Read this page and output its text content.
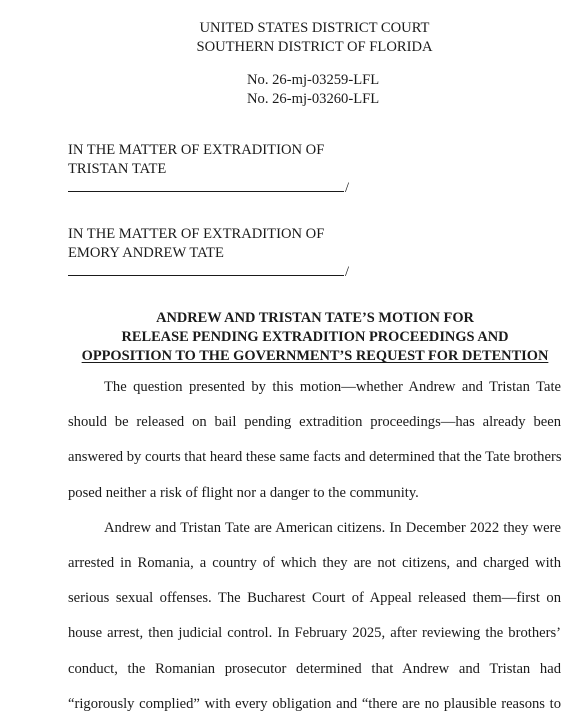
UNITED STATES DISTRICT COURT
SOUTHERN DISTRICT OF FLORIDA
No. 26-mj-03259-LFL
No. 26-mj-03260-LFL
IN THE MATTER OF EXTRADITION OF
TRISTAN TATE
/
IN THE MATTER OF EXTRADITION OF
EMORY ANDREW TATE
/
ANDREW AND TRISTAN TATE’S MOTION FOR
RELEASE PENDING EXTRADITION PROCEEDINGS AND
OPPOSITION TO THE GOVERNMENT’S REQUEST FOR DETENTION
The question presented by this motion—whether Andrew and Tristan Tate
should be released on bail pending extradition proceedings—has already been
answered by courts that heard these same facts and determined that the Tate brothers
posed neither a risk of flight nor a danger to the community.
Andrew and Tristan Tate are American citizens. In December 2022 they were
arrested in Romania, a country of which they are not citizens, and charged with
serious sexual offenses. The Bucharest Court of Appeal released them—first on
house arrest, then judicial control. In February 2025, after reviewing the brothers’
conduct, the Romanian prosecutor determined that Andrew and Tristan had
“rigorously complied” with every obligation and “there are no plausible reasons to
